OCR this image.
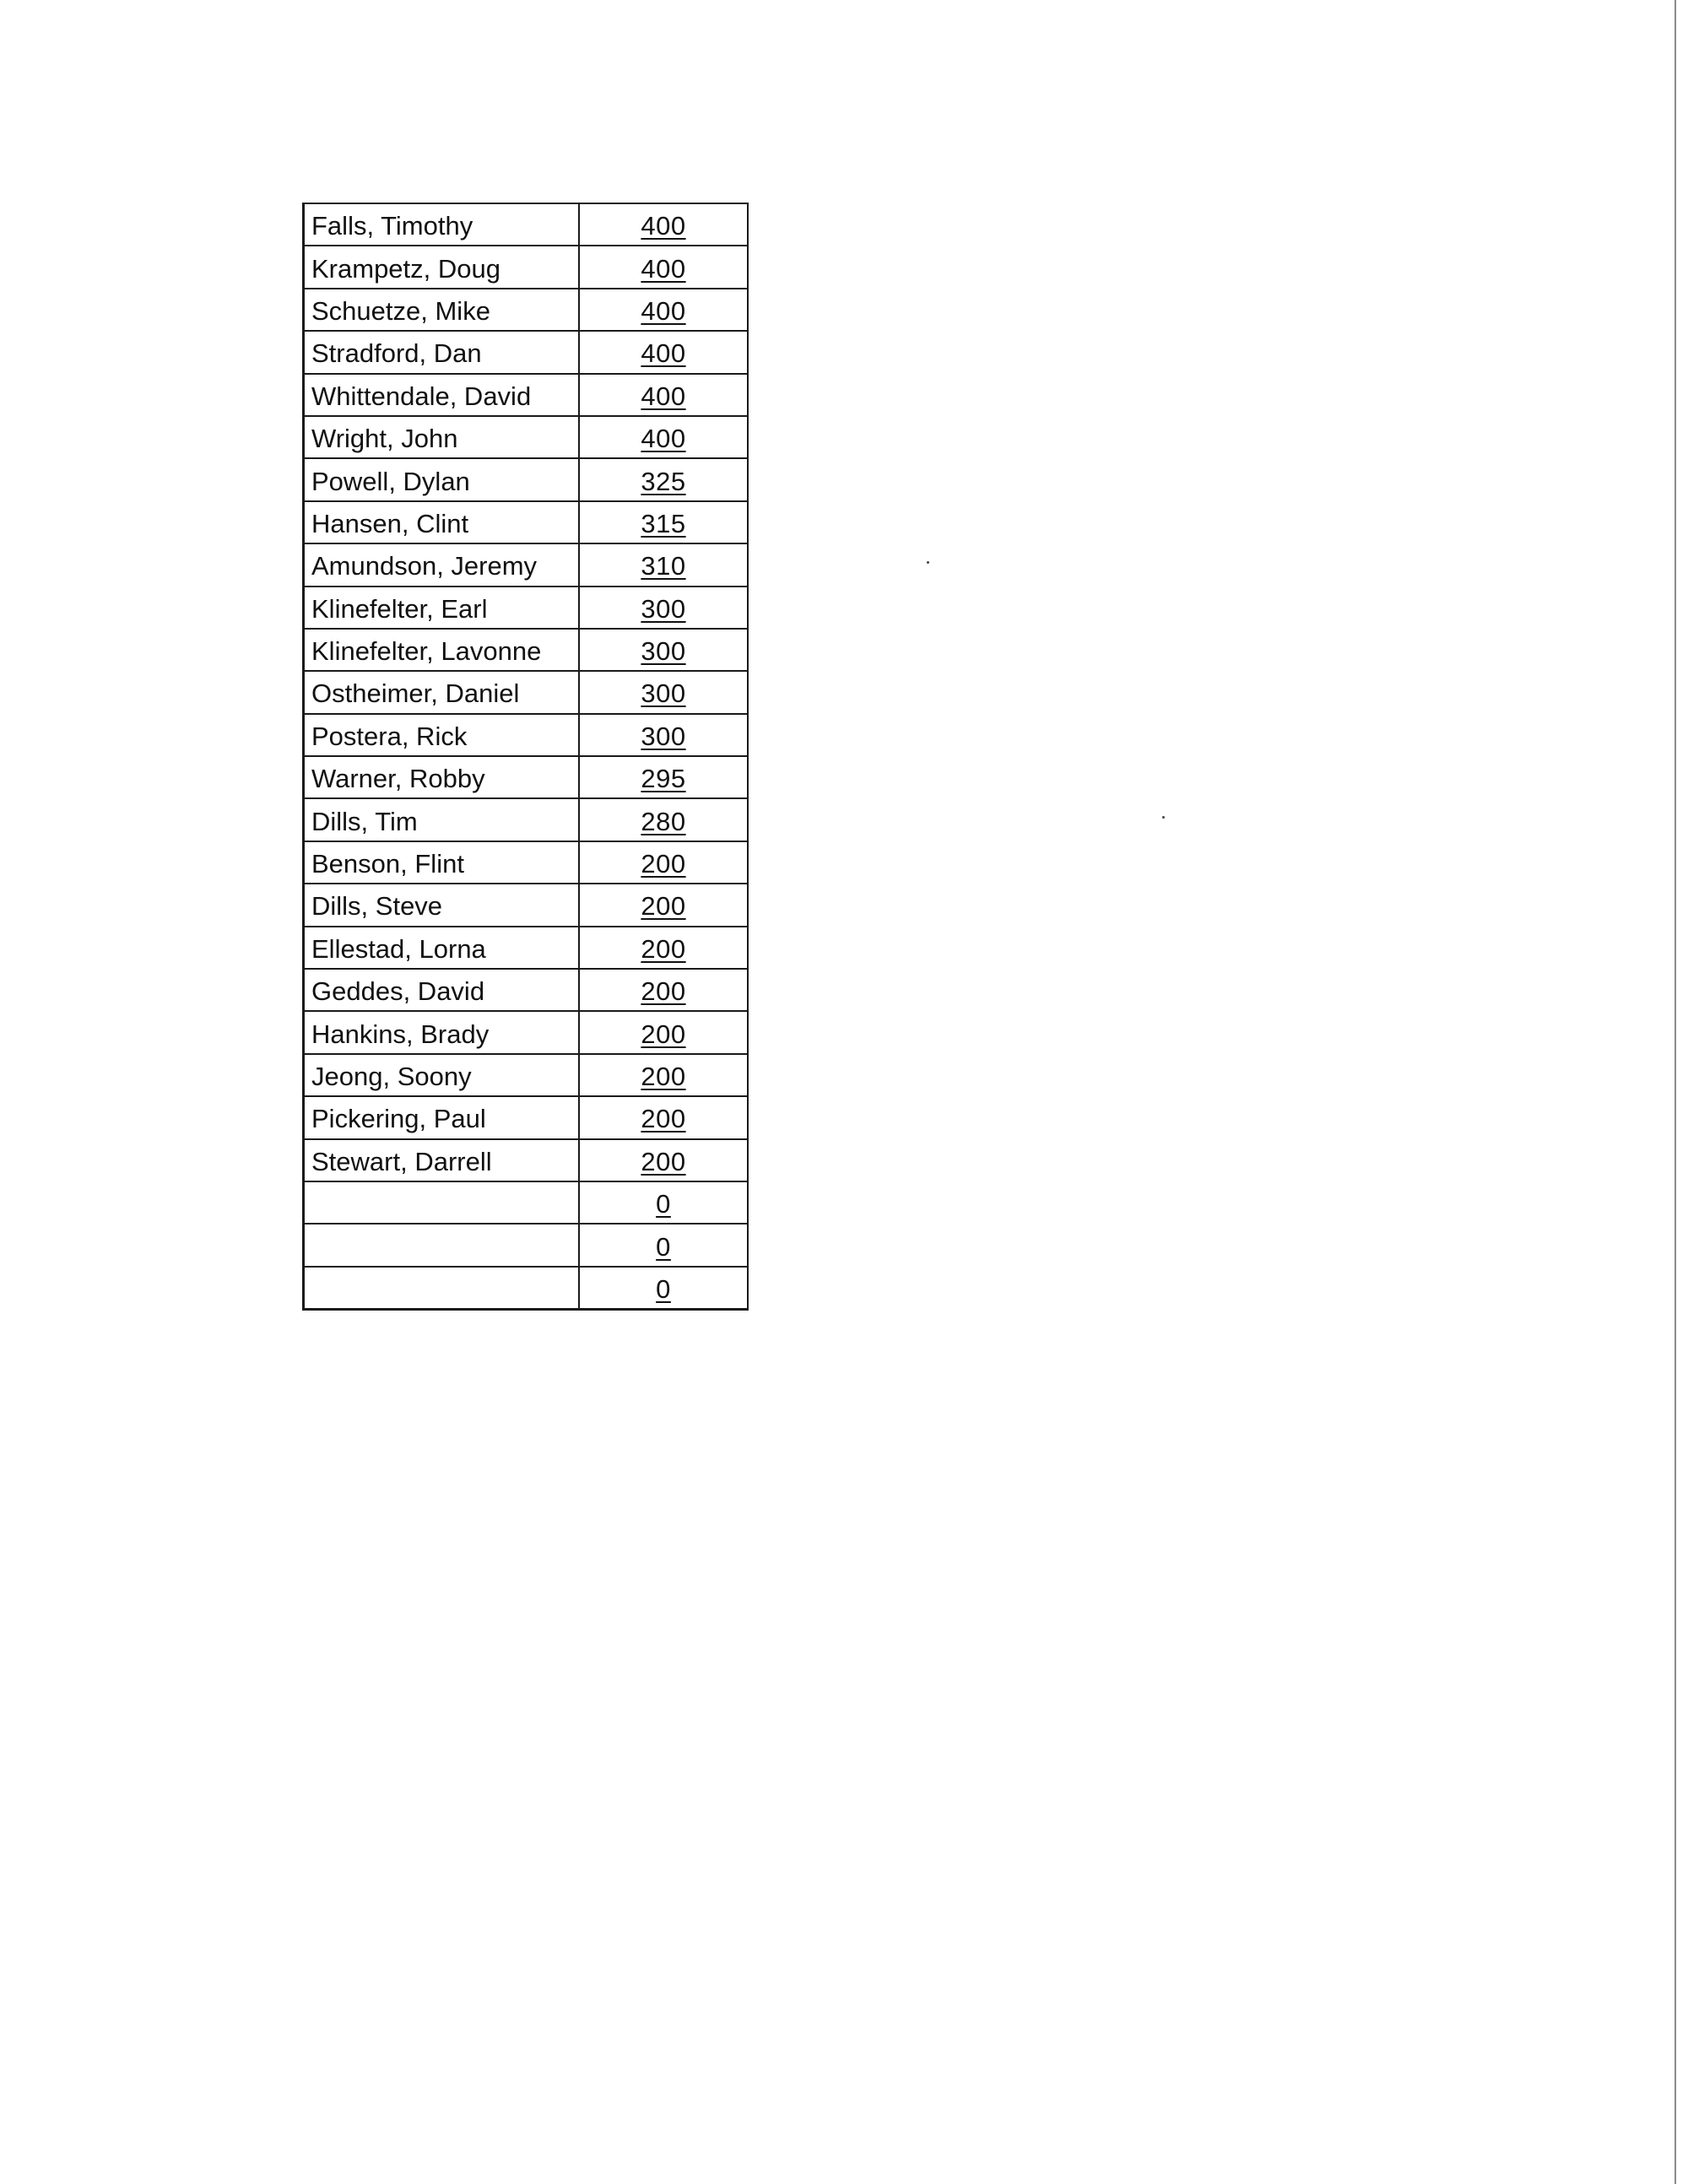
Falls, Timothy	400
Krampetz, Doug	400
Schuetze, Mike	400
Stradford, Dan	400
Whittendale, David	400
Wright, John	400
Powell, Dylan	325
Hansen, Clint	315
Amundson, Jeremy	310
Klinefelter, Earl	300
Klinefelter, Lavonne	300
Ostheimer, Daniel	300
Postera, Rick	300
Warner, Robby	295
Dills, Tim	280
Benson, Flint	200
Dills, Steve	200
Ellestad, Lorna	200
Geddes, David	200
Hankins, Brady	200
Jeong, Soony	200
Pickering, Paul	200
Stewart, Darrell	200
	0
	0
	0
